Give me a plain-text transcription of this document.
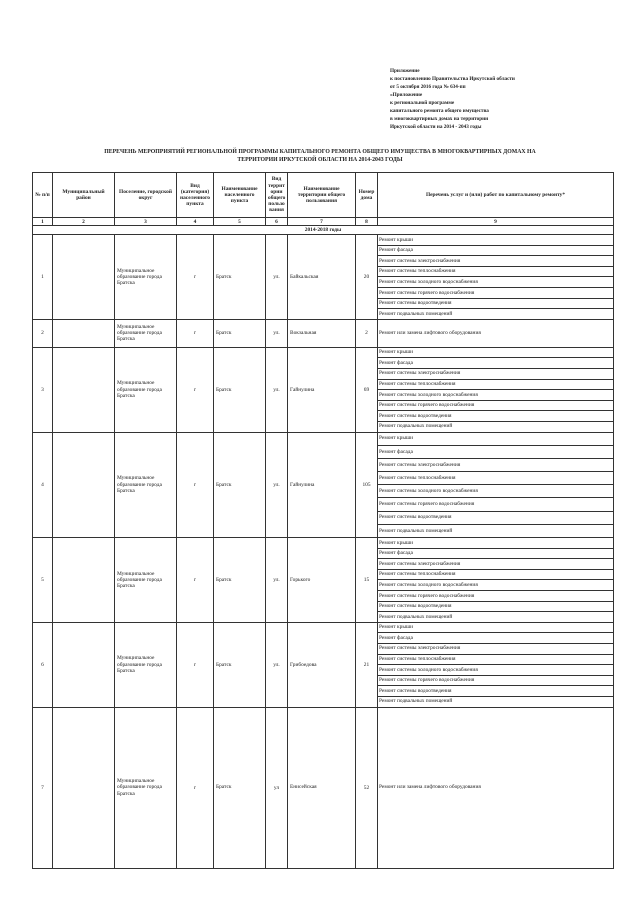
Приложение
к постановлению Правительства Иркутской области
от 5 октября 2016 года № 634-пп
«Приложение
к региональной программе
капитального ремонта общего имущества
в многоквартирных домах на территории
Иркутской области на 2014 - 2043 годы
ПЕРЕЧЕНЬ МЕРОПРИЯТИЙ РЕГИОНАЛЬНОЙ ПРОГРАММЫ КАПИТАЛЬНОГО РЕМОНТА ОБЩЕГО ИМУЩЕСТВА В МНОГОКВАРТИРНЫХ ДОМАХ НА
ТЕРРИТОРИИ ИРКУТСКОЙ ОБЛАСТИ НА 2014-2043 ГОДЫ
№ п/п	Муниципальный район	Поселение, городской округ	Вид (категория) населенного пункта	Наименование населенного пункта	Вид террит ории общего пользо вания	Наименование территории общего пользования	Номер дома	Перечень услуг и (или) работ по капитальному ремонту*
1	2	3	4	5	6	7	8	9
2014-2018 годы								
1		Муниципальное образование города Братска	г	Братск	ул.	Байкальская	20	Ремонт крыши
								Ремонт фасада
								Ремонт системы электроснабжения
								Ремонт системы теплоснабжения
								Ремонт системы холодного водоснабжения
								Ремонт системы горячего водоснабжения
								Ремонт системы водоотведения
								Ремонт подвальных помещений
2		Муниципальное образование города Братска	г	Братск	ул.	Вокзальная	2	Ремонт или замена лифтового оборудования
3		Муниципальное образование города Братска	г	Братск	ул.	Гайнулина	69	Ремонт крыши
								Ремонт фасада
								Ремонт системы электроснабжения
								Ремонт системы теплоснабжения
								Ремонт системы холодного водоснабжения
								Ремонт системы горячего водоснабжения
								Ремонт системы водоотведения
								Ремонт подвальных помещений
4		Муниципальное образование города Братска	г	Братск	ул.	Гайнулина	105	Ремонт крыши
								Ремонт фасада
								Ремонт системы электроснабжения
								Ремонт системы теплоснабжения
								Ремонт системы холодного водоснабжения
								Ремонт системы горячего водоснабжения
								Ремонт системы водоотведения
								Ремонт подвальных помещений
5		Муниципальное образование города Братска	г	Братск	ул.	Горького	15	Ремонт крыши
								Ремонт фасада
								Ремонт системы электроснабжения
								Ремонт системы теплоснабжения
								Ремонт системы холодного водоснабжения
								Ремонт системы горячего водоснабжения
								Ремонт системы водоотведения
								Ремонт подвальных помещений
6		Муниципальное образование города Братска	г	Братск	ул.	Грибоедова	21	Ремонт крыши
								Ремонт фасада
								Ремонт системы электроснабжения
								Ремонт системы теплоснабжения
								Ремонт системы холодного водоснабжения
								Ремонт системы горячего водоснабжения
								Ремонт системы водоотведения
								Ремонт подвальных помещений
7		Муниципальное образование города Братска	г	Братск	ул	Енисейская	52	Ремонт или замена лифтового оборудования
